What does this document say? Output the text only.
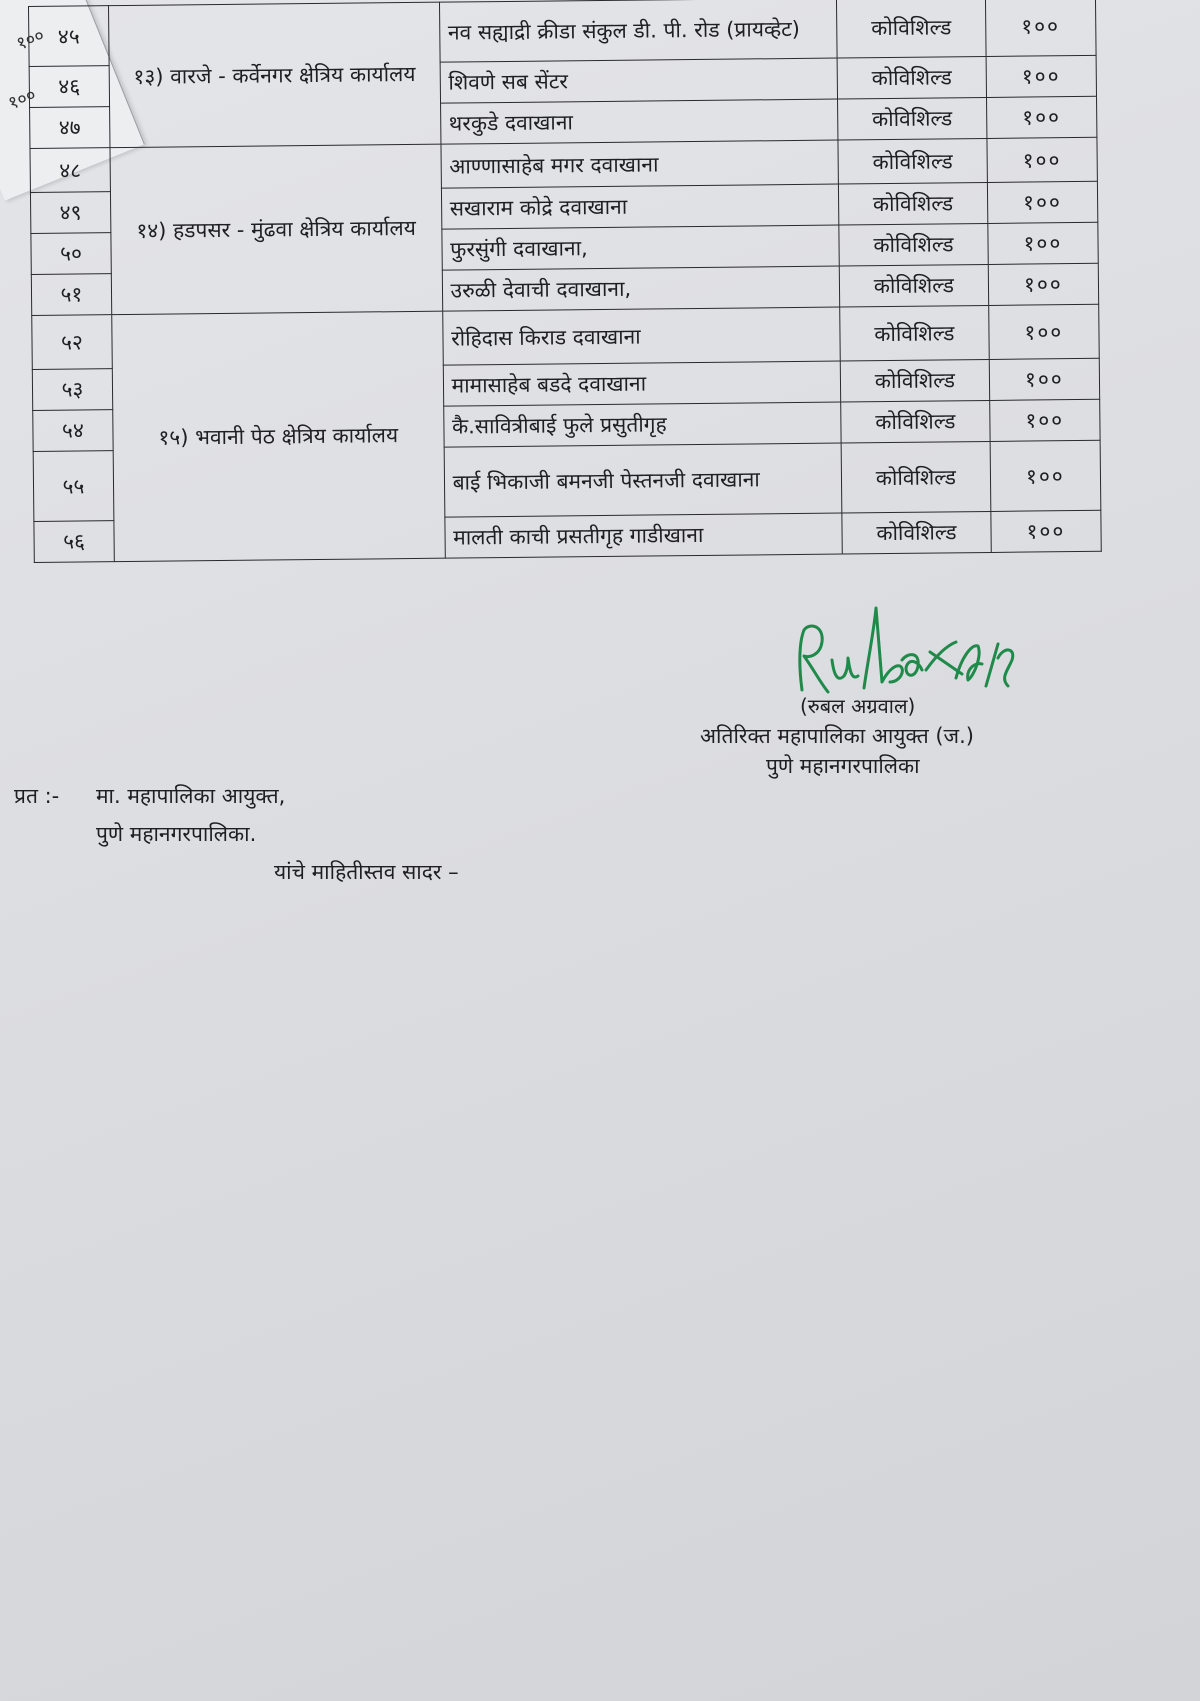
१००
१००
४५	१३) वारजे - कर्वेनगर क्षेत्रिय कार्यालय	नव सह्याद्री क्रीडा संकुल डी. पी. रोड (प्रायव्हेट)	कोविशिल्ड	१००
४६		शिवणे सब सेंटर	कोविशिल्ड	१००
४७		थरकुडे दवाखाना	कोविशिल्ड	१००
४८	१४) हडपसर - मुंढवा क्षेत्रिय कार्यालय	आण्णासाहेब मगर दवाखाना	कोविशिल्ड	१००
४९		सखाराम कोद्रे दवाखाना	कोविशिल्ड	१००
५०		फुरसुंगी दवाखाना,	कोविशिल्ड	१००
५१		उरुळी देवाची दवाखाना,	कोविशिल्ड	१००
५२	१५) भवानी पेठ क्षेत्रिय कार्यालय	रोहिदास किराड दवाखाना	कोविशिल्ड	१००
५३		मामासाहेब बडदे दवाखाना	कोविशिल्ड	१००
५४		कै.सावित्रीबाई फुले प्रसुतीगृह	कोविशिल्ड	१००
५५		बाई भिकाजी बमनजी पेस्तनजी दवाखाना	कोविशिल्ड	१००
५६		मालती काची प्रसतीगृह गाडीखाना	कोविशिल्ड	१००
(रुबल अग्रवाल)
अतिरिक्त महापालिका आयुक्त (ज.)
पुणे महानगरपालिका
प्रत :- मा. महापालिका आयुक्त,
पुणे महानगरपालिका.
यांचे माहितीस्तव सादर –
